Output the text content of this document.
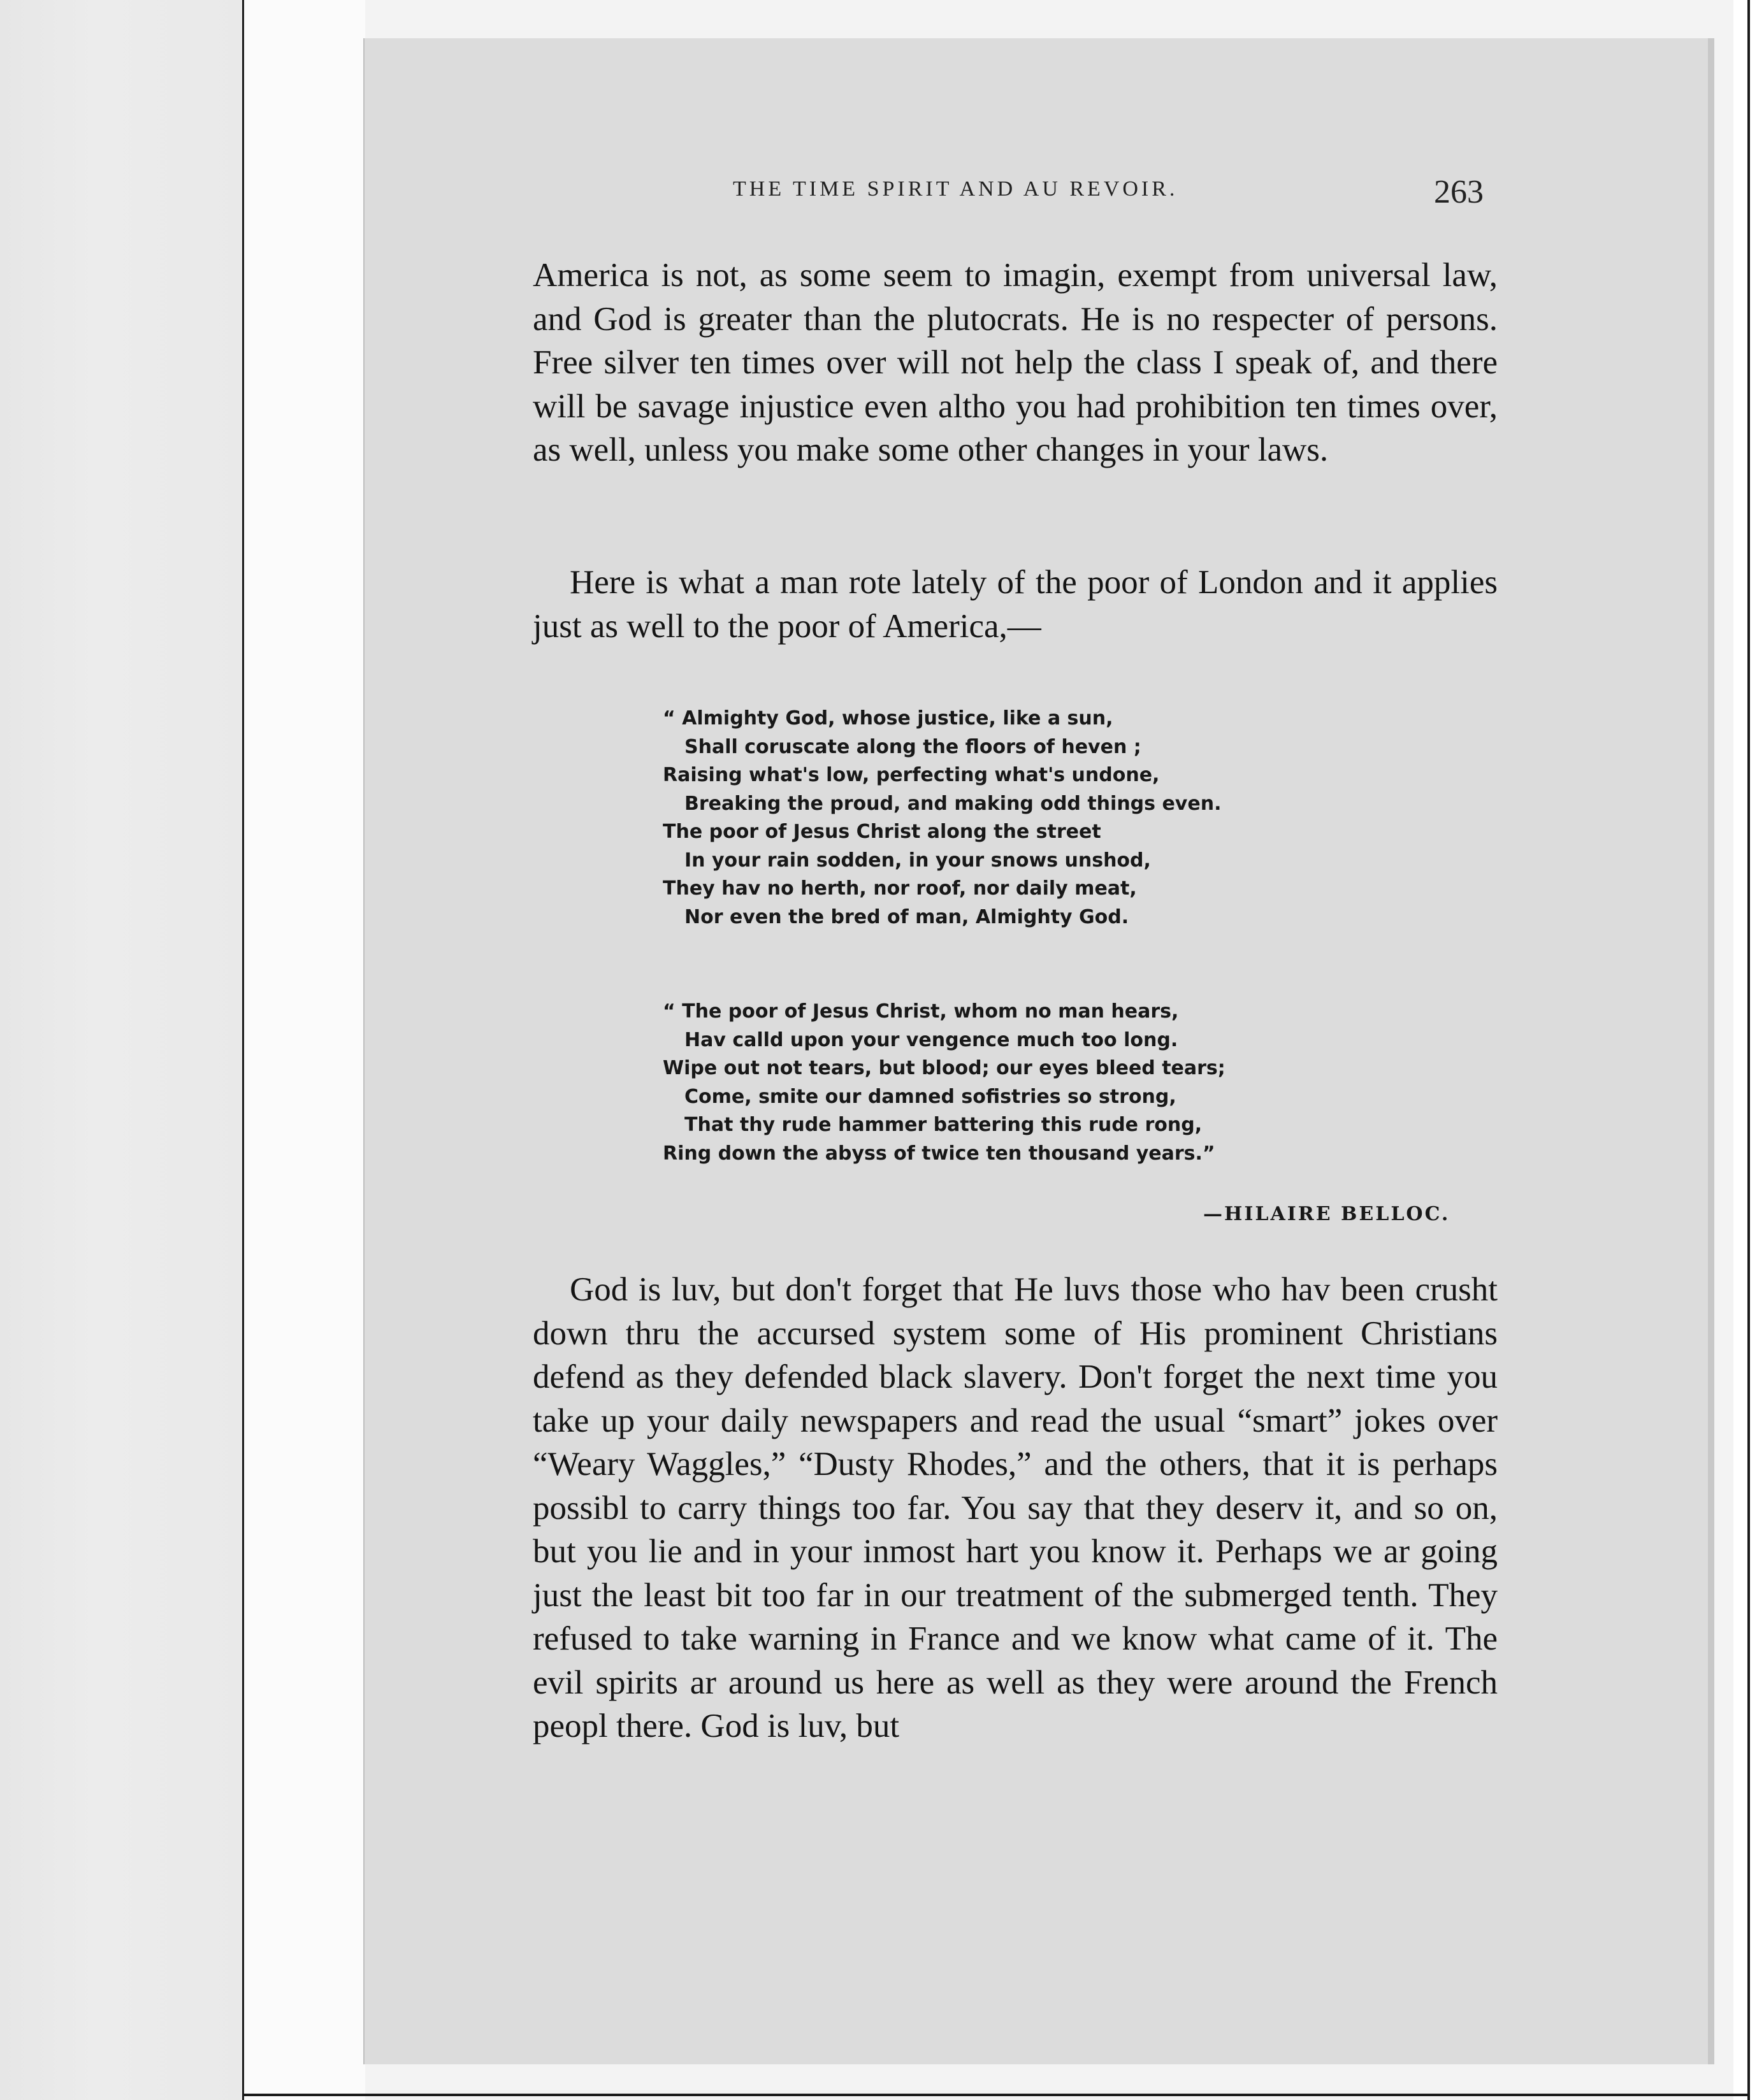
THE TIME SPIRIT AND AU REVOIR.	263

America is not, as some seem to imagin, exempt from universal law, and God is greater than the plutocrats. He is no respecter of persons. Free silver ten times over will not help the class I speak of, and there will be savage injustice even altho you had prohibition ten times over, as well, unless you make some other changes in your laws.

Here is what a man rote lately of the poor of London and it applies just as well to the poor of America,—

“ Almighty God, whose justice, like a sun,
Shall coruscate along the floors of heven ;
Raising what's low, perfecting what's undone,
Breaking the proud, and making odd things even.
The poor of Jesus Christ along the street
In your rain sodden, in your snows unshod,
They hav no herth, nor roof, nor daily meat,
Nor even the bred of man, Almighty God.
“ The poor of Jesus Christ, whom no man hears,
Hav calld upon your vengence much too long.
Wipe out not tears, but blood; our eyes bleed tears;
Come, smite our damned sofistries so strong,
That thy rude hammer battering this rude rong,
Ring down the abyss of twice ten thousand years.”
—HILAIRE BELLOC.

God is luv, but don't forget that He luvs those who hav been crusht down thru the accursed system some of His prominent Christians defend as they defended black slavery. Don't forget the next time you take up your daily newspapers and read the usual “smart” jokes over “Weary Waggles,” “Dusty Rhodes,” and the others, that it is perhaps possibl to carry things too far. You say that they deserv it, and so on, but you lie and in your inmost hart you know it. Perhaps we ar going just the least bit too far in our treatment of the submerged tenth. They refused to take warning in France and we know what came of it. The evil spirits ar around us here as well as they were around the French peopl there. God is luv, but
